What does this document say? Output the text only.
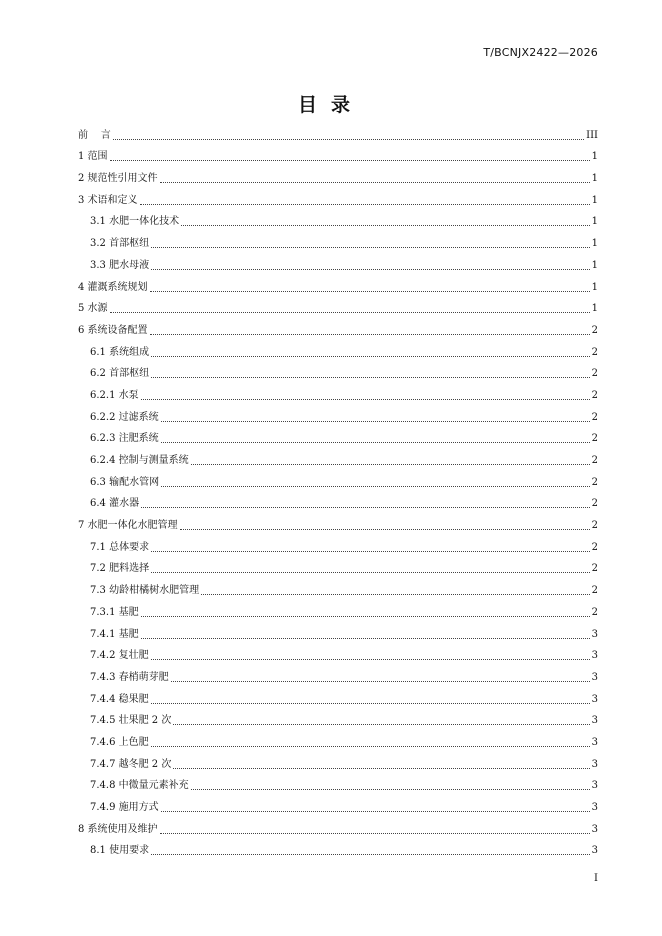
T/BCNJX2422—2026
目录
前    言	III
1 范围	1
2 规范性引用文件	1
3 术语和定义	1
3.1 水肥一体化技术	1
3.2 首部枢纽	1
3.3 肥水母液	1
4 灌溉系统规划	1
5 水源	1
6 系统设备配置	2
6.1 系统组成	2
6.2 首部枢纽	2
6.2.1 水泵	2
6.2.2 过滤系统	2
6.2.3 注肥系统	2
6.2.4 控制与测量系统	2
6.3 输配水管网	2
6.4 灌水器	2
7 水肥一体化水肥管理	2
7.1 总体要求	2
7.2 肥料选择	2
7.3 幼龄柑橘树水肥管理	2
7.3.1 基肥	2
7.4.1 基肥	3
7.4.2 复壮肥	3
7.4.3 春梢萌芽肥	3
7.4.4 稳果肥	3
7.4.5 壮果肥 2 次	3
7.4.6 上色肥	3
7.4.7 越冬肥 2 次	3
7.4.8 中微量元素补充	3
7.4.9 施用方式	3
8 系统使用及维护	3
8.1 使用要求	3
I
